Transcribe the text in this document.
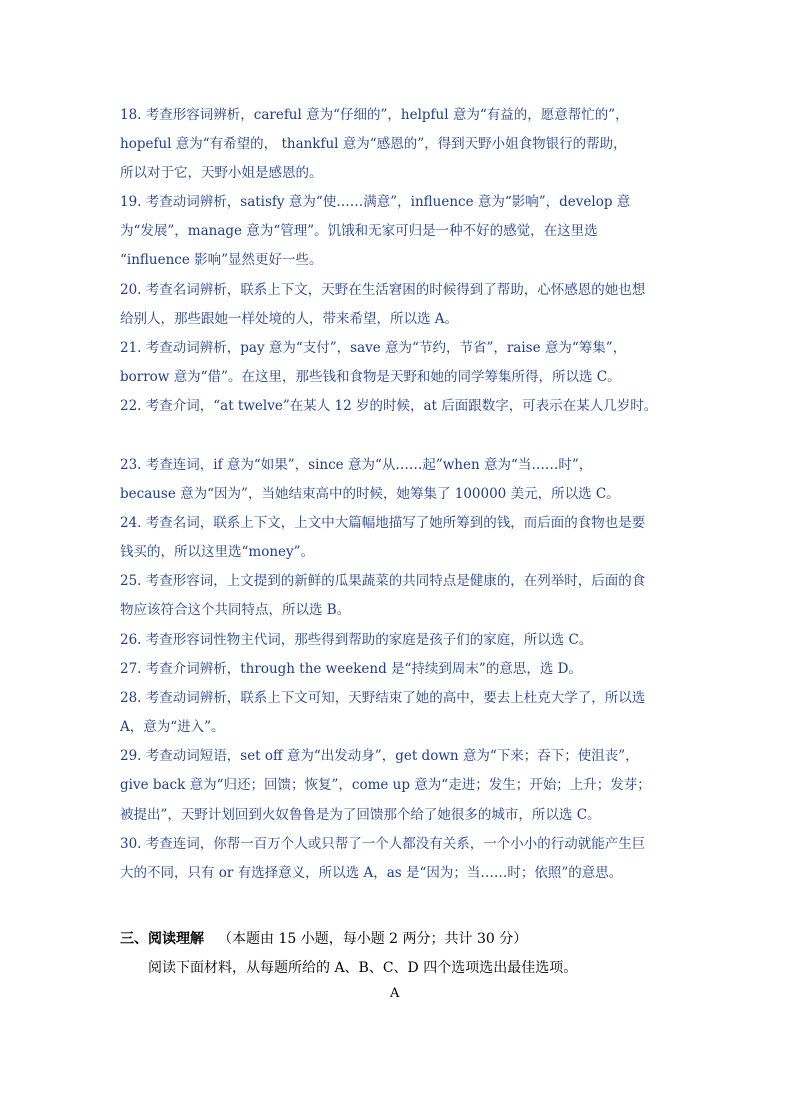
18. 考查形容词辨析，careful 意为“仔细的”，helpful 意为“有益的，愿意帮忙的”，
hopeful 意为“有希望的， thankful 意为“感恩的”，得到天野小姐食物银行的帮助，
所以对于它，天野小姐是感恩的。
19. 考查动词辨析，satisfy 意为“使……满意”，influence 意为“影响”，develop 意
为“发展”，manage 意为“管理”。饥饿和无家可归是一种不好的感觉，在这里选
“influence 影响”显然更好一些。
20. 考查名词辨析，联系上下文，天野在生活窘困的时候得到了帮助，心怀感恩的她也想
给别人，那些跟她一样处境的人，带来希望，所以选 A。
21. 考查动词辨析，pay 意为“支付”，save 意为“节约，节省”，raise 意为“筹集”，
borrow 意为“借”。在这里，那些钱和食物是天野和她的同学筹集所得，所以选 C。
22. 考查介词，“at twelve”在某人 12 岁的时候，at 后面跟数字，可表示在某人几岁时。
23. 考查连词，if 意为“如果”，since 意为“从……起”when 意为“当……时”，
because 意为“因为”，当她结束高中的时候，她筹集了 100000 美元，所以选 C。
24. 考查名词，联系上下文，上文中大篇幅地描写了她所筹到的钱，而后面的食物也是要
钱买的，所以这里选“money”。
25. 考查形容词，上文提到的新鲜的瓜果蔬菜的共同特点是健康的，在列举时，后面的食
物应该符合这个共同特点，所以选 B。
26. 考查形容词性物主代词，那些得到帮助的家庭是孩子们的家庭，所以选 C。
27. 考查介词辨析，through the weekend 是“持续到周末”的意思，选 D。
28. 考查动词辨析，联系上下文可知，天野结束了她的高中，要去上杜克大学了，所以选
A，意为“进入”。
29. 考查动词短语，set off 意为“出发动身”，get down 意为“下来；吞下；使沮丧”，
give back 意为“归还；回馈；恢复”，come up 意为“走进；发生；开始；上升；发芽；
被提出”，天野计划回到火奴鲁鲁是为了回馈那个给了她很多的城市，所以选 C。
30. 考查连词，你帮一百万个人或只帮了一个人都没有关系，一个小小的行动就能产生巨
大的不同，只有 or 有选择意义，所以选 A，as 是“因为；当……时；依照”的意思。
三、阅读理解 （本题由 15 小题，每小题 2 两分；共计 30 分）
阅读下面材料，从每题所给的 A、B、C、D 四个选项选出最佳选项。
A
